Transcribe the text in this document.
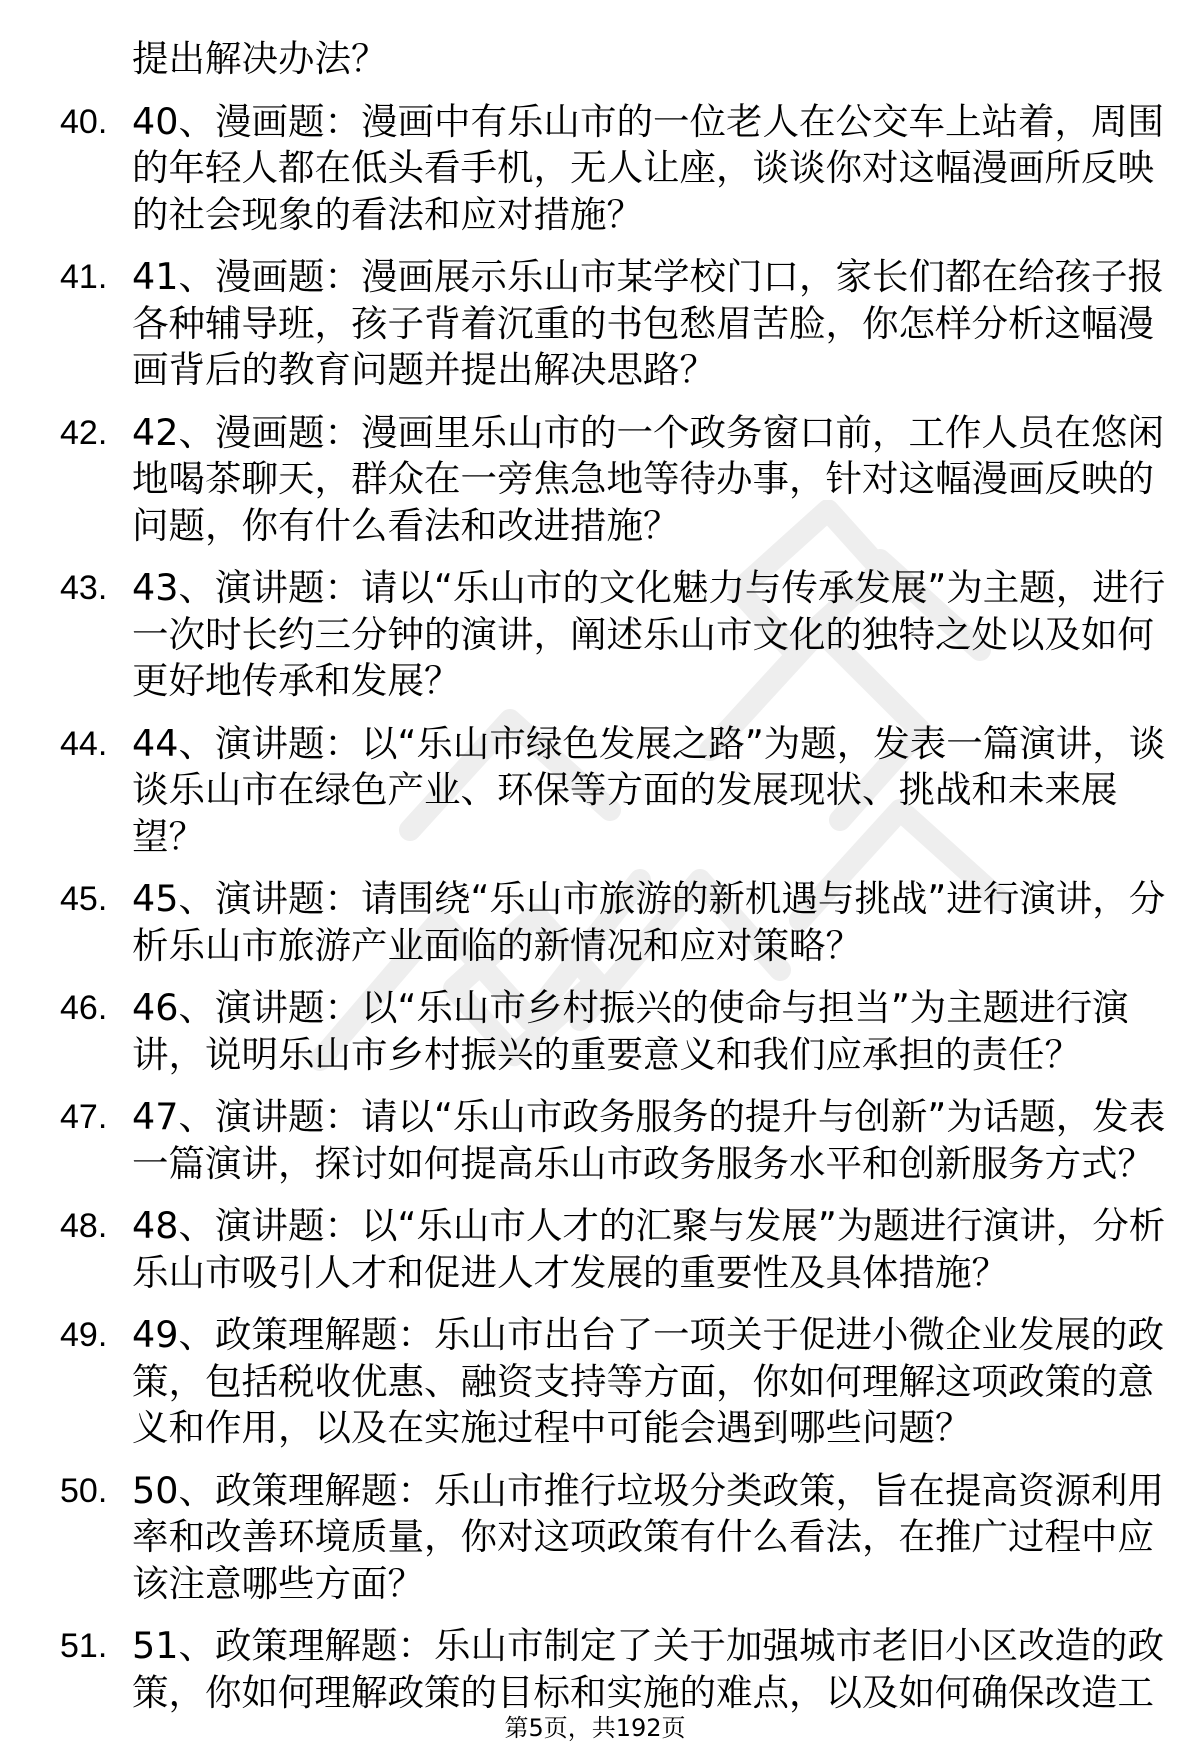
提出解决办法？
40. 40、漫画题：漫画中有乐山市的一位老人在公交车上站着，周围
的年轻人都在低头看手机，无人让座，谈谈你对这幅漫画所反映
的社会现象的看法和应对措施？
41. 41、漫画题：漫画展示乐山市某学校门口，家长们都在给孩子报
各种辅导班，孩子背着沉重的书包愁眉苦脸，你怎样分析这幅漫
画背后的教育问题并提出解决思路？
42. 42、漫画题：漫画里乐山市的一个政务窗口前，工作人员在悠闲
地喝茶聊天，群众在一旁焦急地等待办事，针对这幅漫画反映的
问题，你有什么看法和改进措施？
43. 43、演讲题：请以“乐山市的文化魅力与传承发展”为主题，进行
一次时长约三分钟的演讲，阐述乐山市文化的独特之处以及如何
更好地传承和发展？
44. 44、演讲题：以“乐山市绿色发展之路”为题，发表一篇演讲，谈
谈乐山市在绿色产业、环保等方面的发展现状、挑战和未来展
望？
45. 45、演讲题：请围绕“乐山市旅游的新机遇与挑战”进行演讲，分
析乐山市旅游产业面临的新情况和应对策略？
46. 46、演讲题：以“乐山市乡村振兴的使命与担当”为主题进行演
讲，说明乐山市乡村振兴的重要意义和我们应承担的责任？
47. 47、演讲题：请以“乐山市政务服务的提升与创新”为话题，发表
一篇演讲，探讨如何提高乐山市政务服务水平和创新服务方式？
48. 48、演讲题：以“乐山市人才的汇聚与发展”为题进行演讲，分析
乐山市吸引人才和促进人才发展的重要性及具体措施？
49. 49、政策理解题：乐山市出台了一项关于促进小微企业发展的政
策，包括税收优惠、融资支持等方面，你如何理解这项政策的意
义和作用，以及在实施过程中可能会遇到哪些问题？
50. 50、政策理解题：乐山市推行垃圾分类政策，旨在提高资源利用
率和改善环境质量，你对这项政策有什么看法，在推广过程中应
该注意哪些方面？
51. 51、政策理解题：乐山市制定了关于加强城市老旧小区改造的政
策，你如何理解政策的目标和实施的难点，以及如何确保改造工
第5页，共192页
